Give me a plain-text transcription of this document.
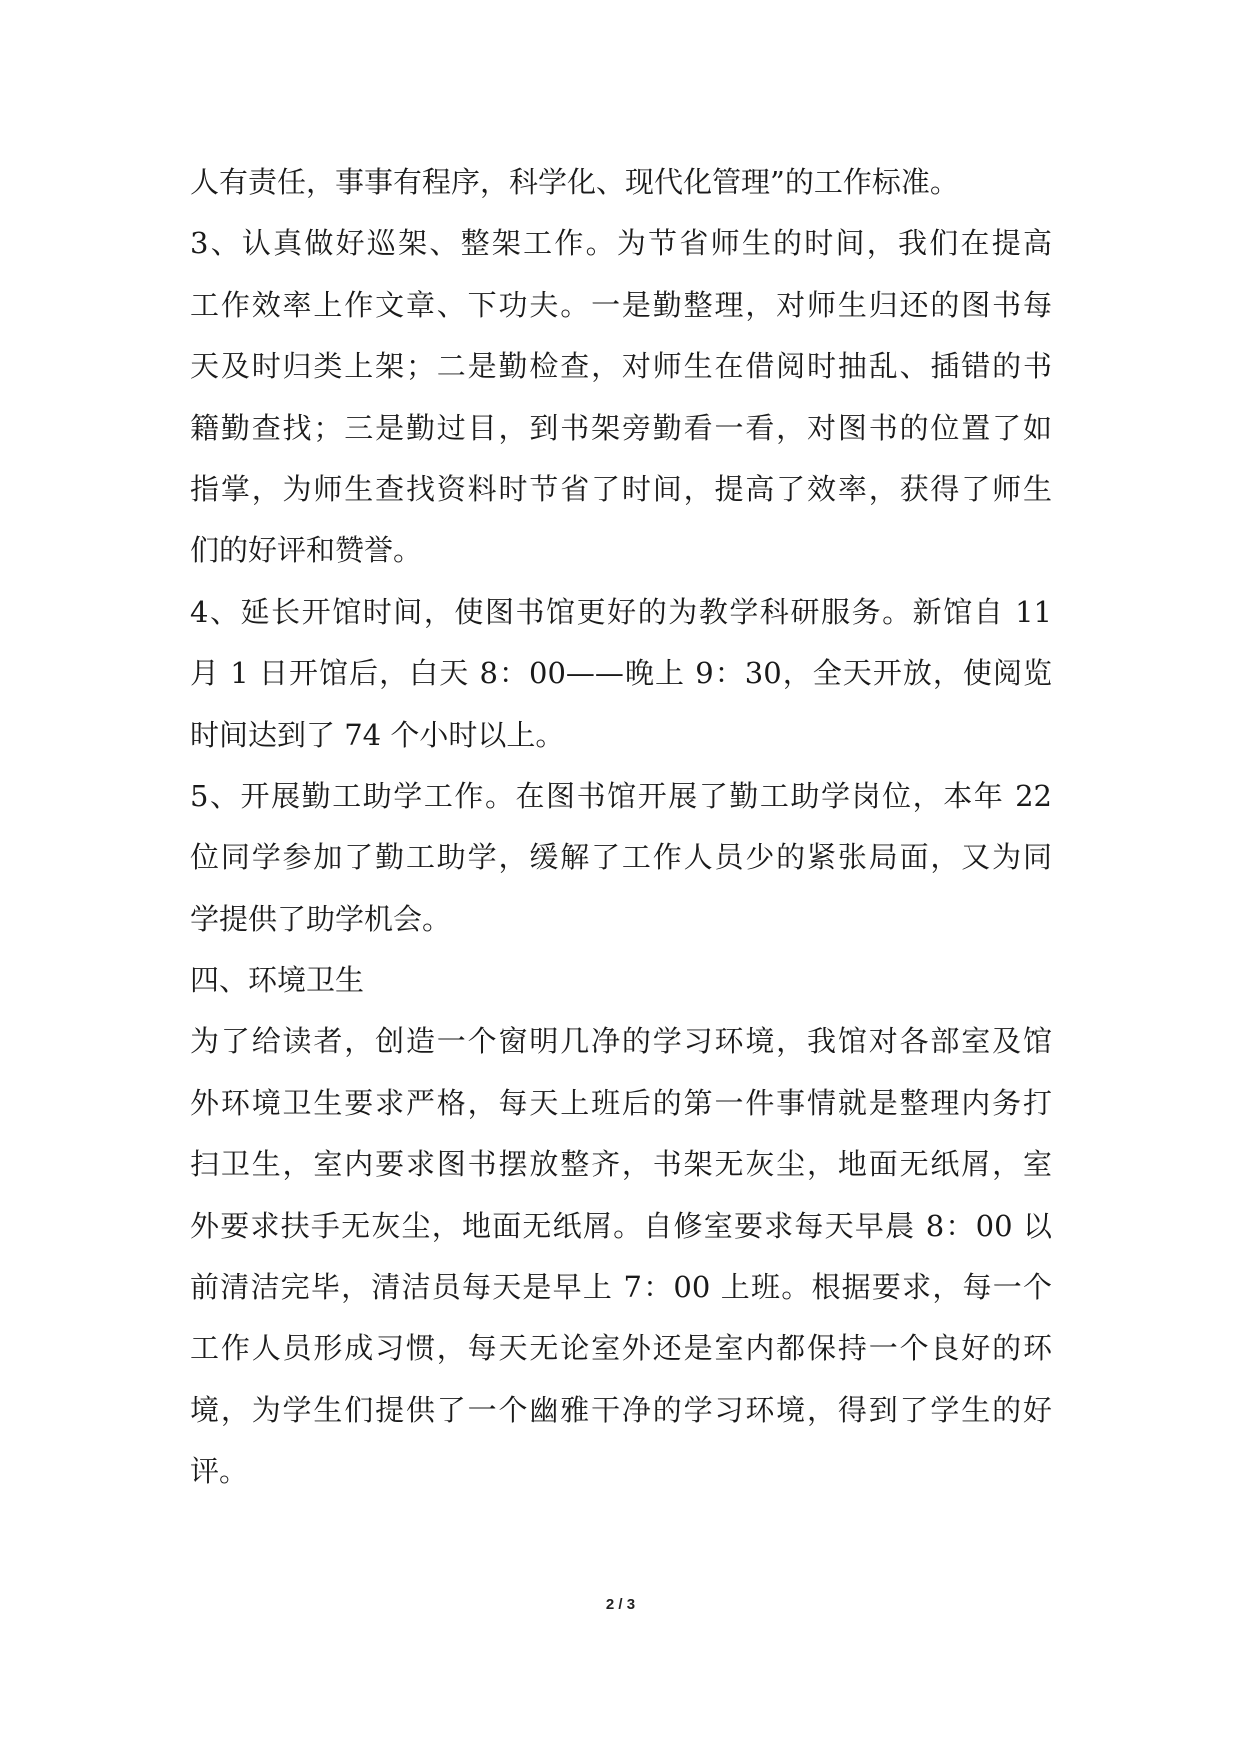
人有责任，事事有程序，科学化、现代化管理”的工作标准。
3、认真做好巡架、整架工作。为节省师生的时间，我们在提高
工作效率上作文章、下功夫。一是勤整理，对师生归还的图书每
天及时归类上架；二是勤检查，对师生在借阅时抽乱、插错的书
籍勤查找；三是勤过目，到书架旁勤看一看，对图书的位置了如
指掌，为师生查找资料时节省了时间，提高了效率，获得了师生
们的好评和赞誉。
4、延长开馆时间，使图书馆更好的为教学科研服务。新馆自 11
月 1 日开馆后，白天 8：00——晚上 9：30，全天开放，使阅览
时间达到了 74 个小时以上。
5、开展勤工助学工作。在图书馆开展了勤工助学岗位，本年 22
位同学参加了勤工助学，缓解了工作人员少的紧张局面，又为同
学提供了助学机会。
四、环境卫生
为了给读者，创造一个窗明几净的学习环境，我馆对各部室及馆
外环境卫生要求严格，每天上班后的第一件事情就是整理内务打
扫卫生，室内要求图书摆放整齐，书架无灰尘，地面无纸屑，室
外要求扶手无灰尘，地面无纸屑。自修室要求每天早晨 8：00 以
前清洁完毕，清洁员每天是早上 7：00 上班。根据要求，每一个
工作人员形成习惯，每天无论室外还是室内都保持一个良好的环
境，为学生们提供了一个幽雅干净的学习环境，得到了学生的好
评。
2 / 3
